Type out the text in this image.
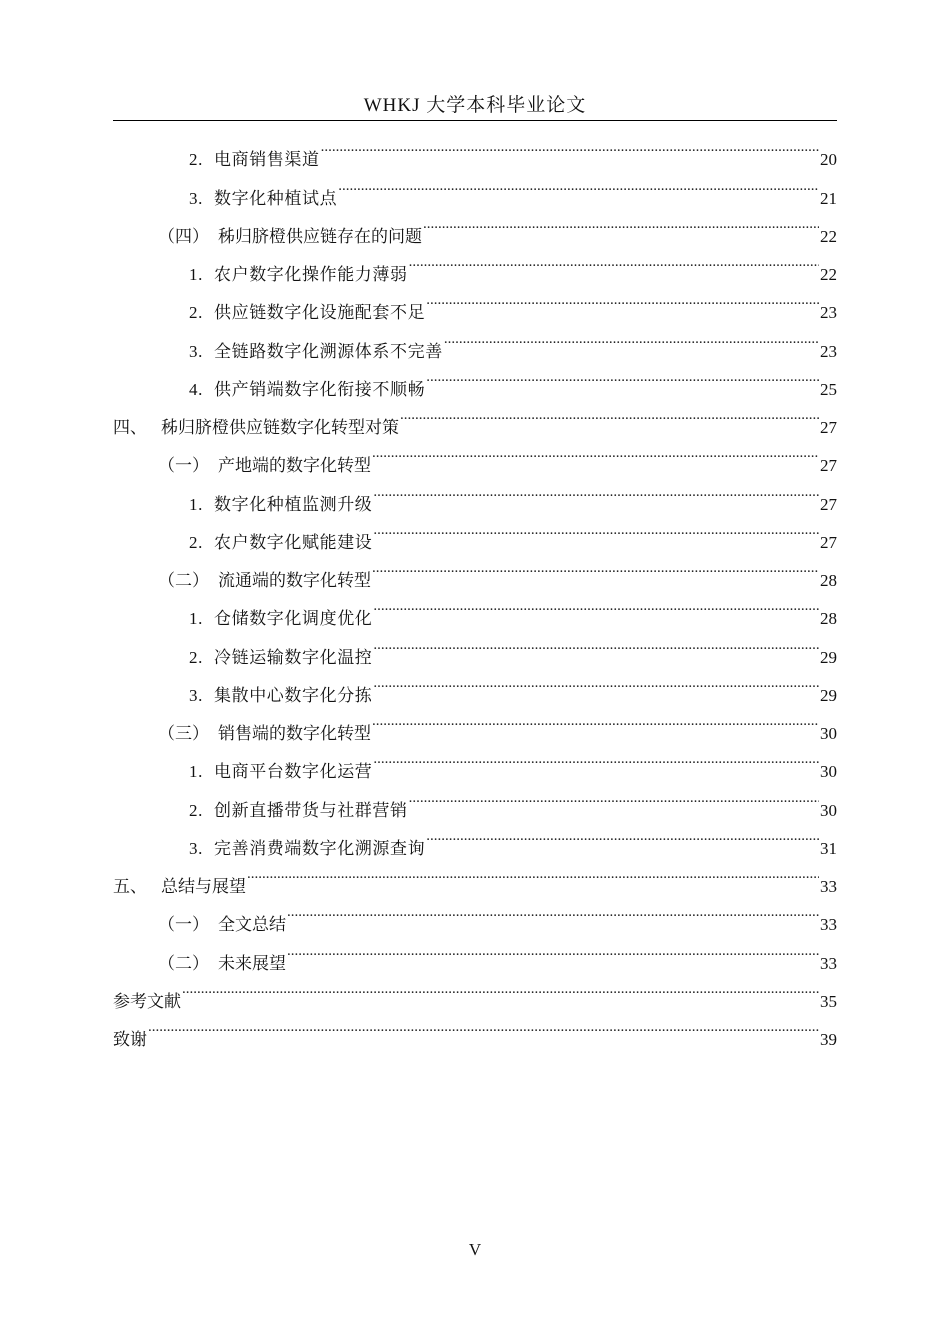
WHKJ 大学本科毕业论文
2. 电商销售渠道 .....	20
3. 数字化种植试点 .....	21
（四） 秭归脐橙供应链存在的问题 .....	22
1. 农户数字化操作能力薄弱 .....	22
2. 供应链数字化设施配套不足 .....	23
3. 全链路数字化溯源体系不完善 .....	23
4. 供产销端数字化衔接不顺畅 .....	25
四、 秭归脐橙供应链数字化转型对策 .....	27
（一） 产地端的数字化转型 .....	27
1. 数字化种植监测升级 .....	27
2. 农户数字化赋能建设 .....	27
（二） 流通端的数字化转型 .....	28
1. 仓储数字化调度优化 .....	28
2. 冷链运输数字化温控 .....	29
3. 集散中心数字化分拣 .....	29
（三） 销售端的数字化转型 .....	30
1. 电商平台数字化运营 .....	30
2. 创新直播带货与社群营销 .....	30
3. 完善消费端数字化溯源查询 .....	31
五、 总结与展望 .....	33
（一） 全文总结 .....	33
（二） 未来展望 .....	33
参考文献 .....	35
致谢 .....	39
V
